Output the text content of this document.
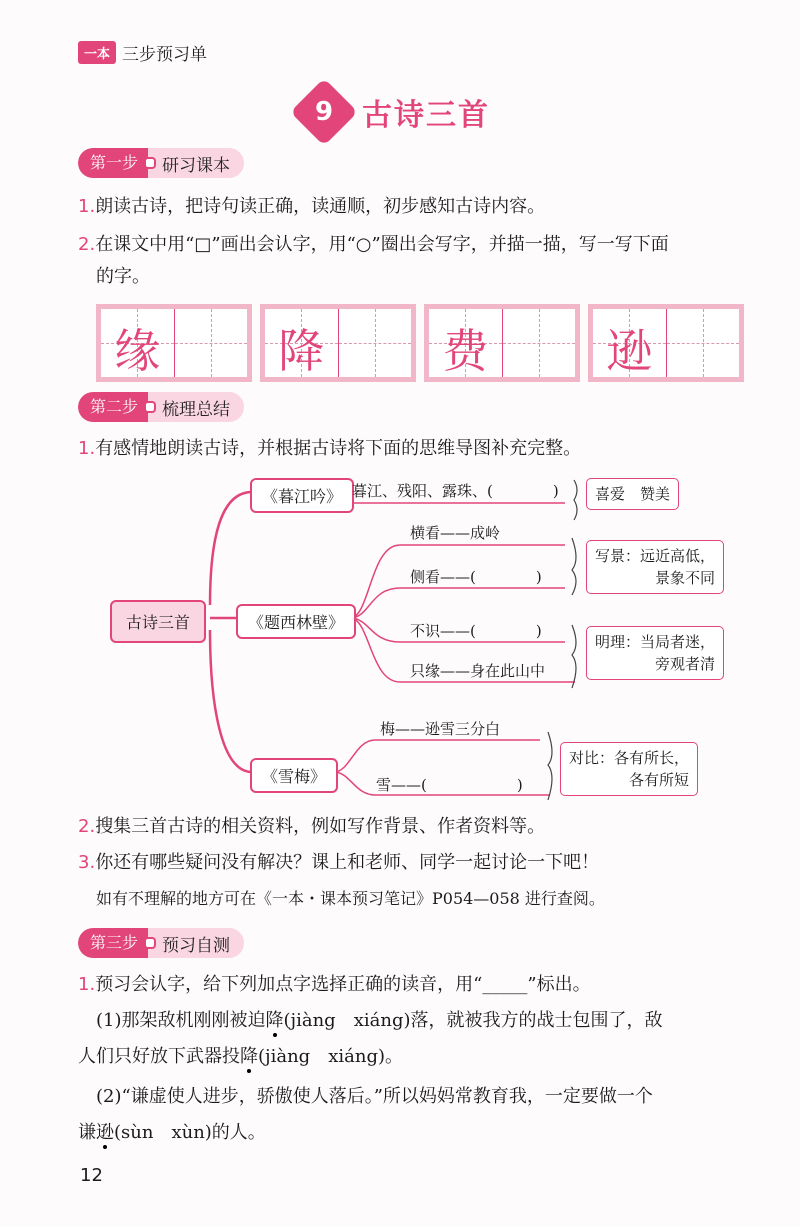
一本 三步预习单
9 古诗三首
第一步	研习课本
1.朗读古诗，把诗句读正确，读通顺，初步感知古诗内容。
2.在课文中用“□”画出会认字，用“○”圈出会写字，并描一描，写一写下面
的字。
缘	降	费	逊
第二步	梳理总结
1.有感情地朗读古诗，并根据古诗将下面的思维导图补充完整。
古诗三首
《暮江吟》
《题西林壁》
《雪梅》
暮江、残阳、露珠、(　　　　)	喜爱　赞美
横看——成岭
侧看——(　　　　)
不识——(　　　　)
只缘——身在此山中
写景：远近高低，
景象不同
明理：当局者迷，
旁观者清
梅——逊雪三分白
雪——(　　　　　　)
对比：各有所长，
各有所短
2.搜集三首古诗的相关资料，例如写作背景、作者资料等。
3.你还有哪些疑问没有解决？课上和老师、同学一起讨论一下吧！
如有不理解的地方可在《一本・课本预习笔记》P054—058 进行查阅。
第三步	预习自测
1.预习会认字，给下列加点字选择正确的读音，用“_____”标出。
(1)那架敌机刚刚被迫降(jiàng　xiáng)落，就被我方的战士包围了，敌
人们只好放下武器投降(jiàng　xiáng)。
(2)“谦虚使人进步，骄傲使人落后。”所以妈妈常教育我，一定要做一个
谦逊(sùn　xùn)的人。
12
